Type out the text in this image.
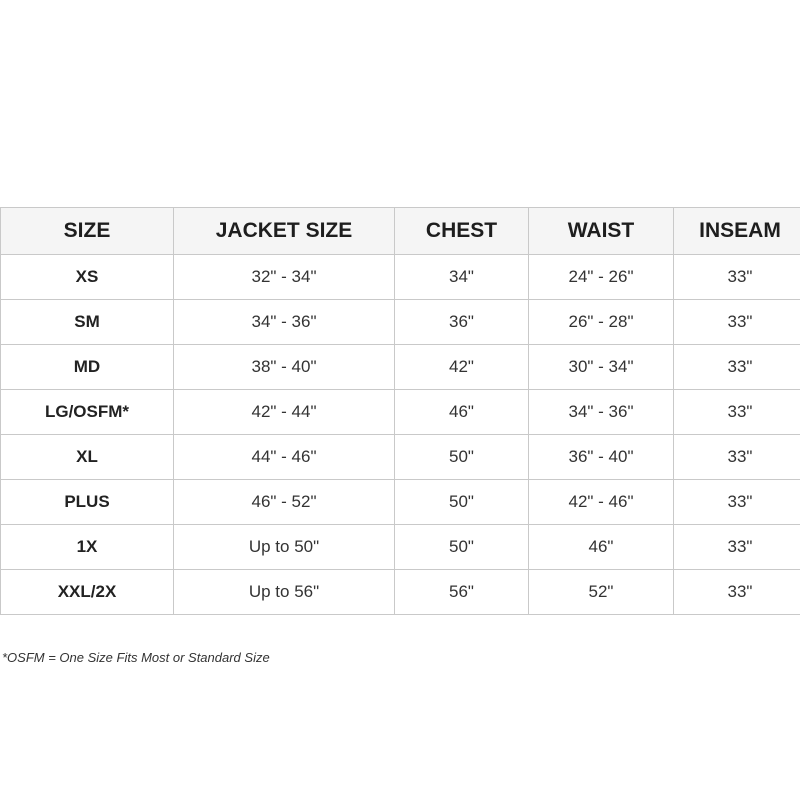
SIZE	JACKET SIZE	CHEST	WAIST	INSEAM
XS	32" - 34"	34"	24" - 26"	33"
SM	34" - 36"	36"	26" - 28"	33"
MD	38" - 40"	42"	30" - 34"	33"
LG/OSFM*	42" - 44"	46"	34" - 36"	33"
XL	44" - 46"	50"	36" - 40"	33"
PLUS	46" - 52"	50"	42" - 46"	33"
1X	Up to 50"	50"	46"	33"
XXL/2X	Up to 56"	56"	52"	33"
*OSFM = One Size Fits Most or Standard Size
